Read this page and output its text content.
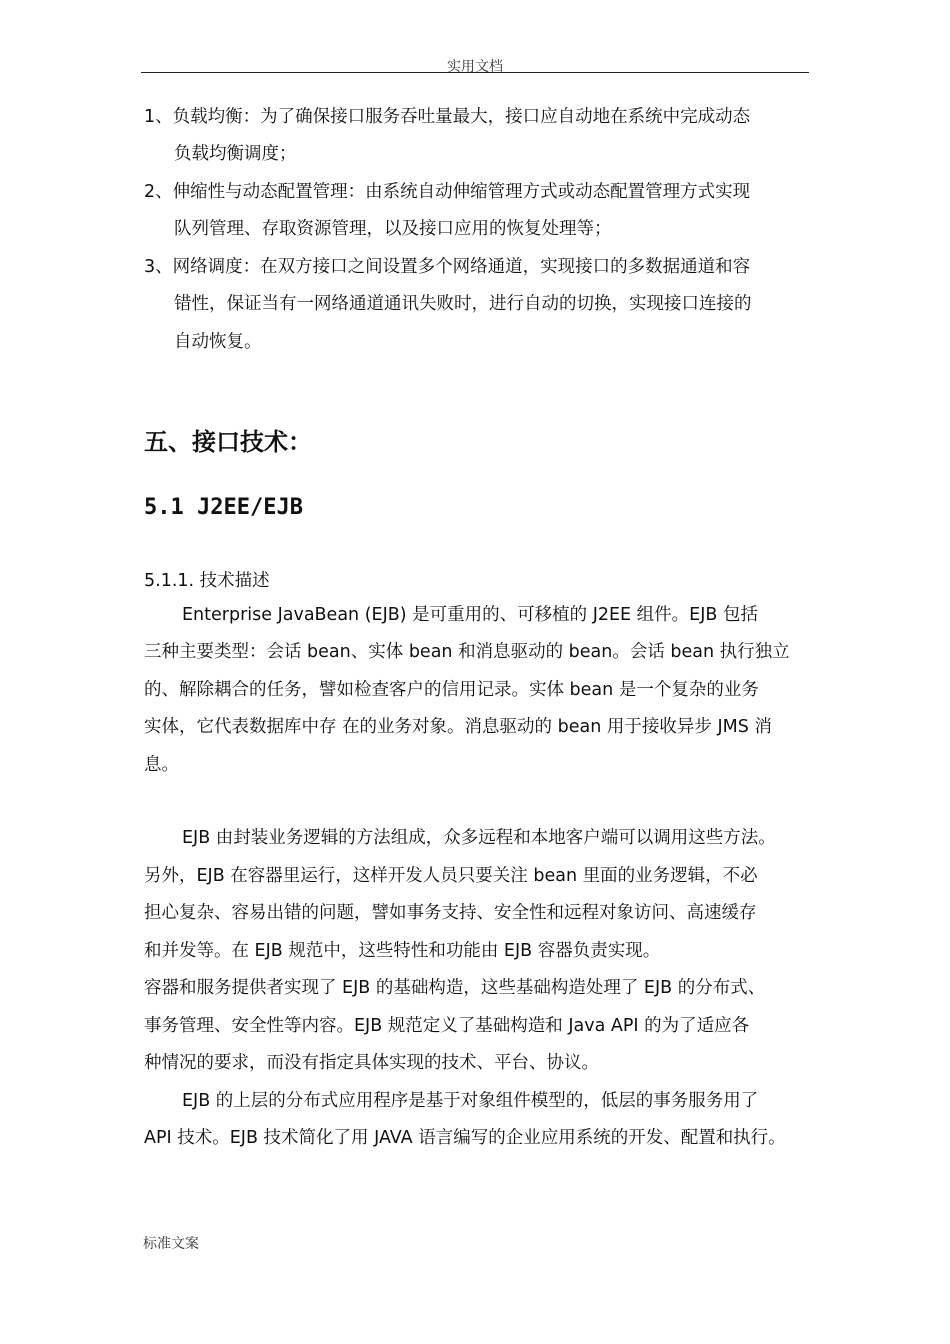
实用文档
1、负载均衡：为了确保接口服务吞吐量最大，接口应自动地在系统中完成动态
负载均衡调度；
2、伸缩性与动态配置管理：由系统自动伸缩管理方式或动态配置管理方式实现
队列管理、存取资源管理，以及接口应用的恢复处理等；
3、网络调度：在双方接口之间设置多个网络通道，实现接口的多数据通道和容
错性，保证当有一网络通道通讯失败时，进行自动的切换，实现接口连接的
自动恢复。
五、接口技术：
5.1 J2EE/EJB
5.1.1. 技术描述
Enterprise JavaBean (EJB) 是可重用的、可移植的 J2EE 组件。EJB 包括
三种主要类型：会话 bean、实体 bean 和消息驱动的 bean。会话 bean 执行独立
的、解除耦合的任务，譬如检查客户的信用记录。实体 bean 是一个复杂的业务
实体，它代表数据库中存 在的业务对象。消息驱动的 bean 用于接收异步 JMS 消
息。
EJB 由封装业务逻辑的方法组成，众多远程和本地客户端可以调用这些方法。
另外，EJB 在容器里运行，这样开发人员只要关注 bean 里面的业务逻辑，不必
担心复杂、容易出错的问题，譬如事务支持、安全性和远程对象访问、高速缓存
和并发等。在 EJB 规范中，这些特性和功能由 EJB 容器负责实现。
容器和服务提供者实现了 EJB 的基础构造，这些基础构造处理了 EJB 的分布式、
事务管理、安全性等内容。EJB 规范定义了基础构造和 Java API 的为了适应各
种情况的要求，而没有指定具体实现的技术、平台、协议。
EJB 的上层的分布式应用程序是基于对象组件模型的，低层的事务服务用了
API 技术。EJB 技术简化了用 JAVA 语言编写的企业应用系统的开发、配置和执行。
标准文案
